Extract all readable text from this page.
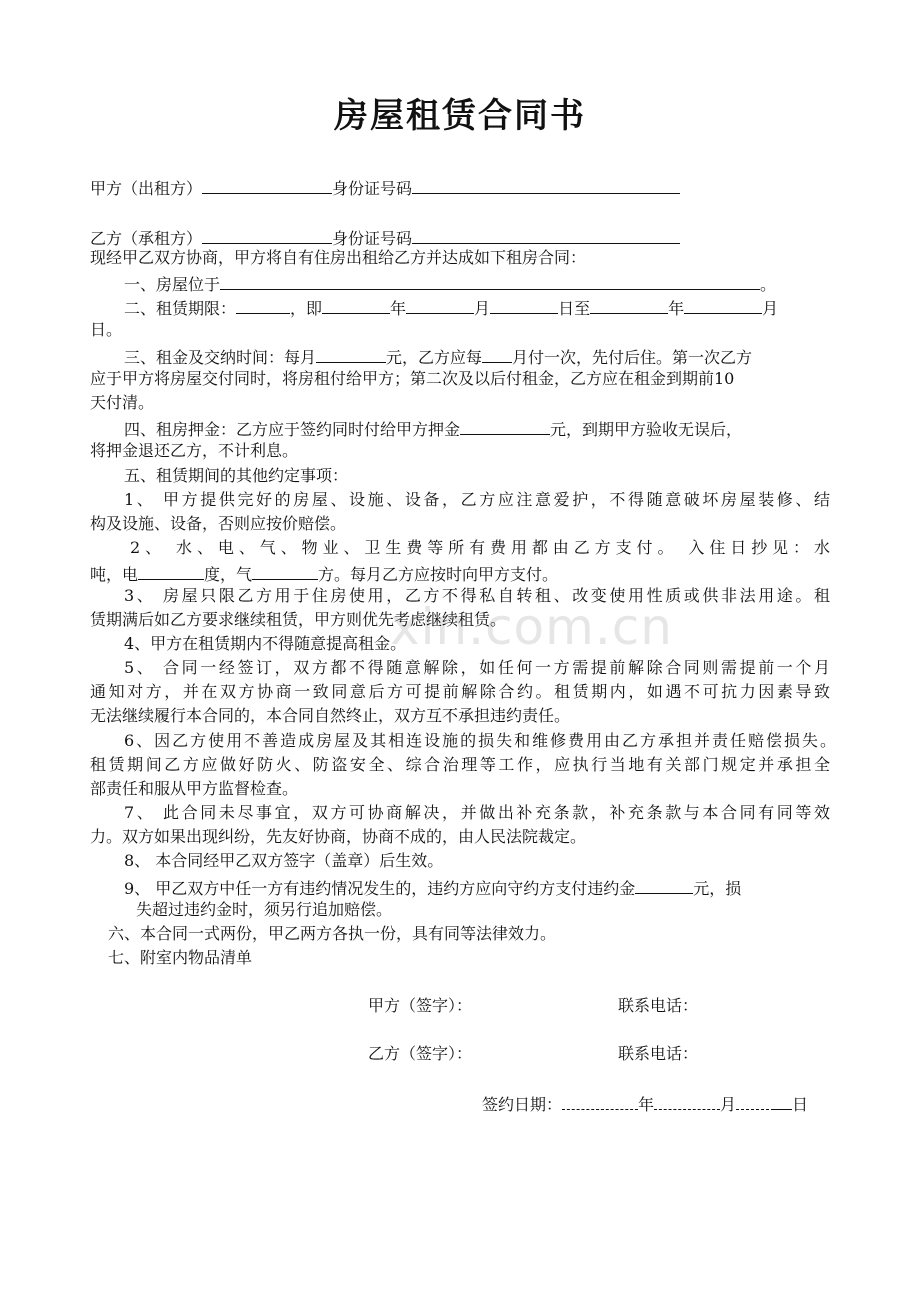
xin.com.cn
房屋租赁合同书
甲方（出租方）	身份证号码
乙方（承租方）	身份证号码
现经甲乙双方协商，甲方将自有住房出租给乙方并达成如下租房合同：
一、房屋位于	。
二、租赁期限：	，即	年	月	日至	年	月
日。
三、租金及交纳时间：每月	元，乙方应每 月付一次，先付后住。第一次乙方
应于甲方将房屋交付同时，将房租付给甲方；第二次及以后付租金，乙方应在租金到期前10
天付清。
四、租房押金：乙方应于签约同时付给甲方押金	元，到期甲方验收无误后，
将押金退还乙方，不计利息。
五、租赁期间的其他约定事项：
1、 甲方提供完好的房屋、设施、设备，乙方应注意爱护，不得随意破坏房屋装修、结
构及设施、设备，否则应按价赔偿。
2、 水、电、气、物业、卫生费等所有费用都由乙方支付。 入住日抄见：水
吨，电	度，气	方。每月乙方应按时向甲方支付。
3、 房屋只限乙方用于住房使用，乙方不得私自转租、改变使用性质或供非法用途。租
赁期满后如乙方要求继续租赁，甲方则优先考虑继续租赁。
4、甲方在租赁期内不得随意提高租金。
5、 合同一经签订，双方都不得随意解除，如任何一方需提前解除合同则需提前一个月
通知对方，并在双方协商一致同意后方可提前解除合约。租赁期内，如遇不可抗力因素导致
无法继续履行本合同的，本合同自然终止，双方互不承担违约责任。
6、因乙方使用不善造成房屋及其相连设施的损失和维修费用由乙方承担并责任赔偿损失。
租赁期间乙方应做好防火、防盗安全、综合治理等工作，应执行当地有关部门规定并承担全
部责任和服从甲方监督检查。
7、 此合同未尽事宜，双方可协商解决，并做出补充条款，补充条款与本合同有同等效
力。双方如果出现纠纷，先友好协商，协商不成的，由人民法院裁定。
8、 本合同经甲乙双方签字（盖章）后生效。
9、 甲乙双方中任一方有违约情况发生的，违约方应向守约方支付违约金	元，损
失超过违约金时，须另行追加赔偿。
六、本合同一式两份，甲乙两方各执一份，具有同等法律效力。
七、附室内物品清单
甲方（签字）：	联系电话：
乙方（签字）：	联系电话：
签约日期：	年	月	日
